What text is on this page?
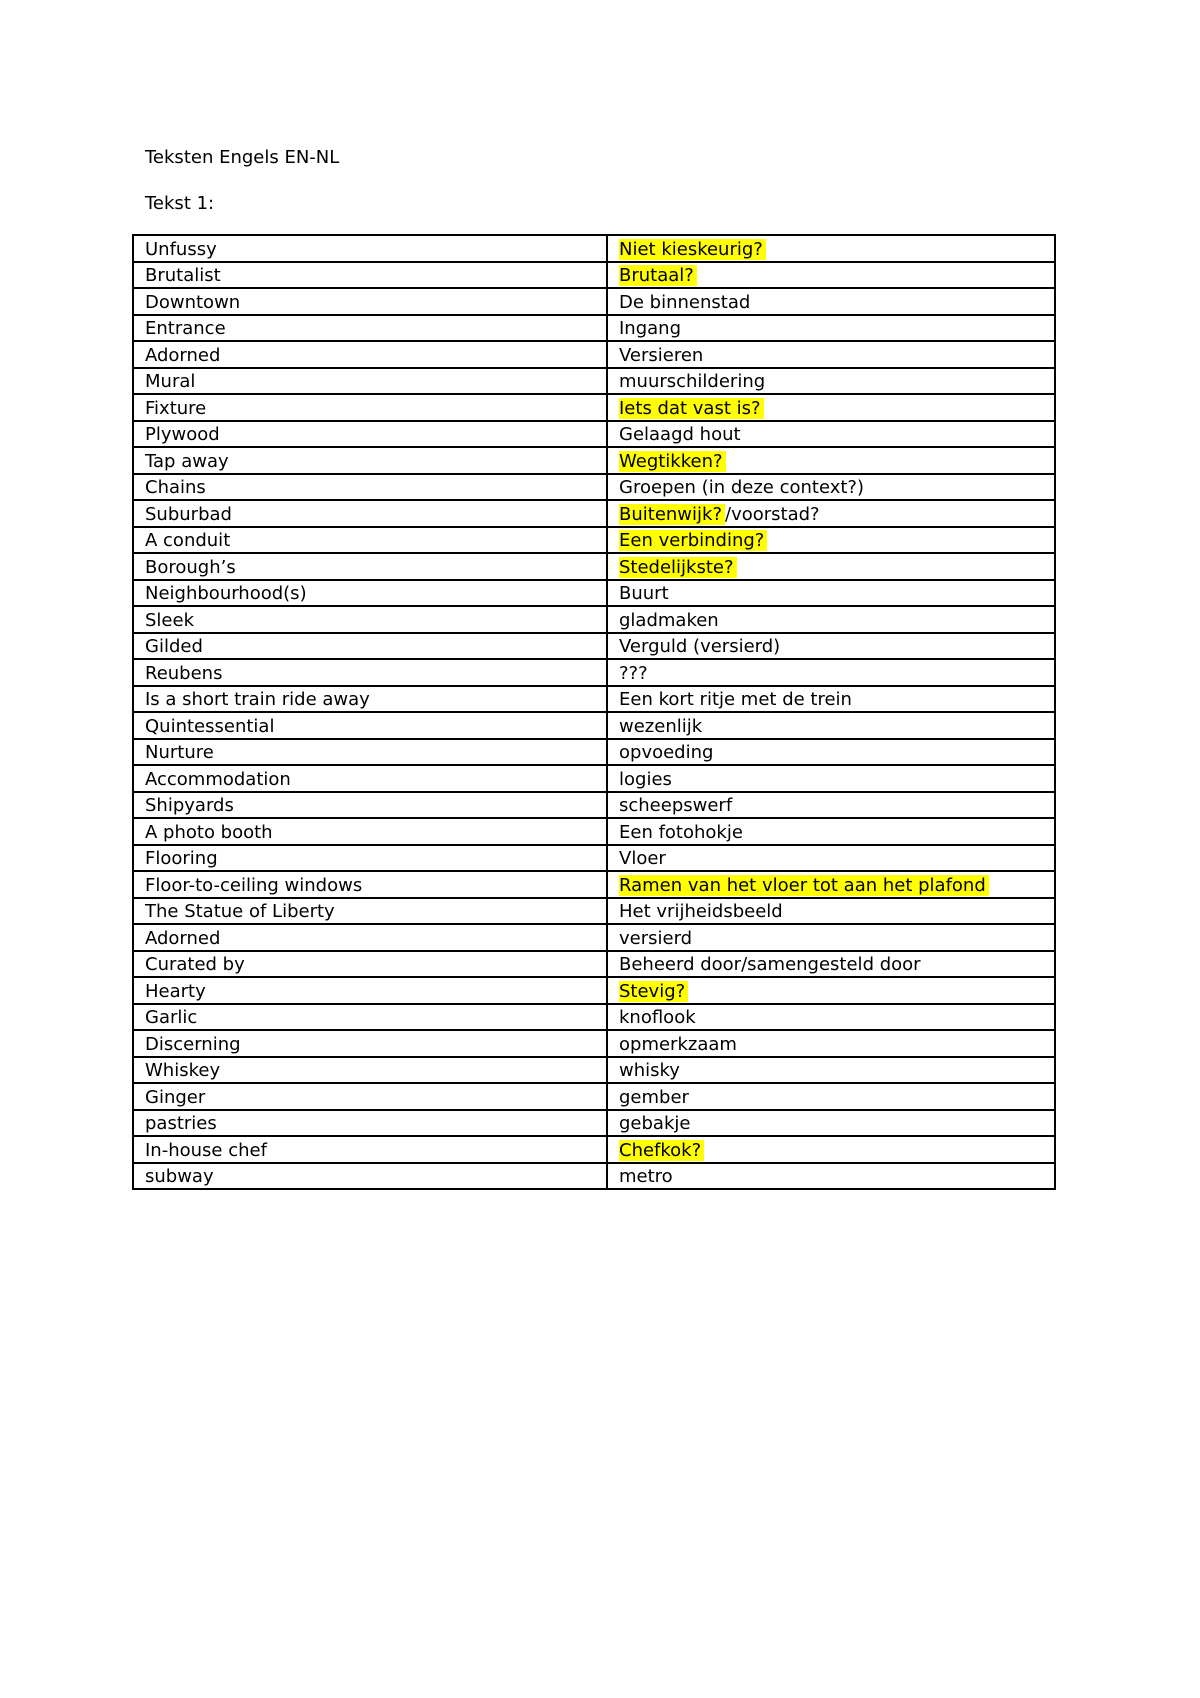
Teksten Engels EN-NL
Tekst 1:
Unfussy	Niet kieskeurig?
Brutalist	Brutaal?
Downtown	De binnenstad
Entrance	Ingang
Adorned	Versieren
Mural	muurschildering
Fixture	Iets dat vast is?
Plywood	Gelaagd hout
Tap away	Wegtikken?
Chains	Groepen (in deze context?)
Suburbad	Buitenwijk? /voorstad?
A conduit	Een verbinding?
Borough’s	Stedelijkste?
Neighbourhood(s)	Buurt
Sleek	gladmaken
Gilded	Verguld (versierd)
Reubens	???
Is a short train ride away	Een kort ritje met de trein
Quintessential	wezenlijk
Nurture	opvoeding
Accommodation	logies
Shipyards	scheepswerf
A photo booth	Een fotohokje
Flooring	Vloer
Floor-to-ceiling windows	Ramen van het vloer tot aan het plafond
The Statue of Liberty	Het vrijheidsbeeld
Adorned	versierd
Curated by	Beheerd door/samengesteld door
Hearty	Stevig?
Garlic	knoflook
Discerning	opmerkzaam
Whiskey	whisky
Ginger	gember
pastries	gebakje
In-house chef	Chefkok?
subway	metro
